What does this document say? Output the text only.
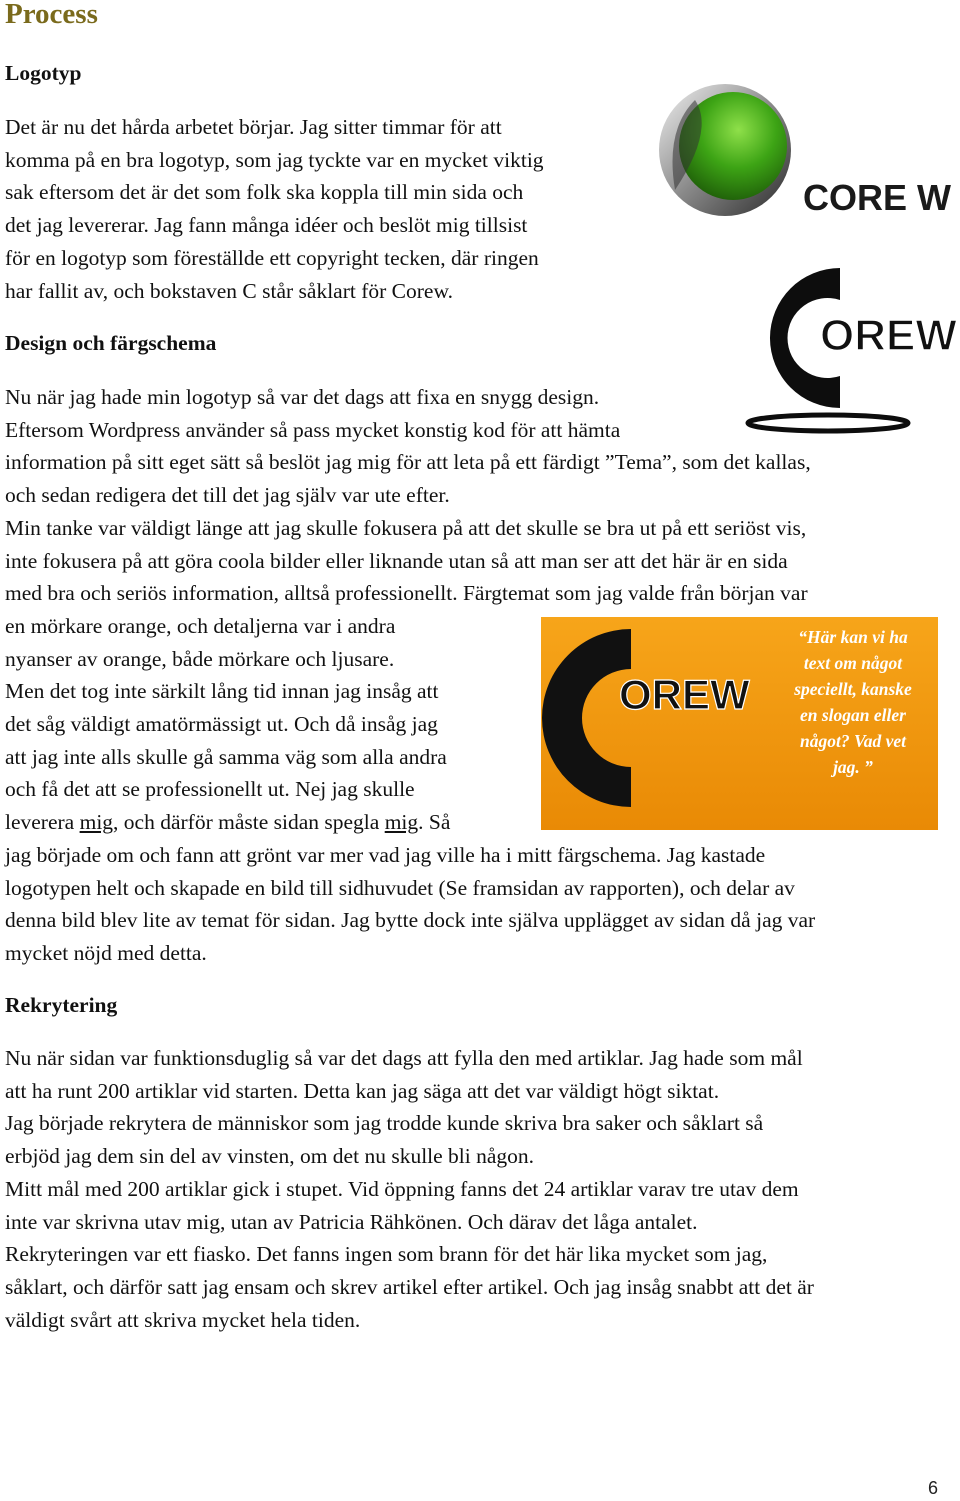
Process
Logotyp
Det är nu det hårda arbetet börjar. Jag sitter timmar för att
komma på en bra logotyp, som jag tyckte var en mycket viktig
sak eftersom det är det som folk ska koppla till min sida och
det jag levererar. Jag fann många idéer och beslöt mig tillsist
för en logotyp som föreställde ett copyright tecken, där ringen
har fallit av, och bokstaven C står såklart för Corew.
Design och färgschema
Nu när jag hade min logotyp så var det dags att fixa en snygg design.
Eftersom Wordpress använder så pass mycket konstig kod för att hämta
information på sitt eget sätt så beslöt jag mig för att leta på ett färdigt ”Tema”, som det kallas,
och sedan redigera det till det jag själv var ute efter.
Min tanke var väldigt länge att jag skulle fokusera på att det skulle se bra ut på ett seriöst vis,
inte fokusera på att göra coola bilder eller liknande utan så att man ser att det här är en sida
med bra och seriös information, alltså professionellt. Färgtemat som jag valde från början var
en mörkare orange, och detaljerna var i andra
nyanser av orange, både mörkare och ljusare.
Men det tog inte särkilt lång tid innan jag insåg att
det såg väldigt amatörmässigt ut. Och då insåg jag
att jag inte alls skulle gå samma väg som alla andra
och få det att se professionellt ut. Nej jag skulle
leverera mig, och därför måste sidan spegla mig. Så
jag började om och fann att grönt var mer vad jag ville ha i mitt färgschema. Jag kastade
logotypen helt och skapade en bild till sidhuvudet (Se framsidan av rapporten), och delar av
denna bild blev lite av temat för sidan. Jag bytte dock inte själva upplägget av sidan då jag var
mycket nöjd med detta.
Rekrytering
Nu när sidan var funktionsduglig så var det dags att fylla den med artiklar. Jag hade som mål
att ha runt 200 artiklar vid starten. Detta kan jag säga att det var väldigt högt siktat.
Jag började rekrytera de människor som jag trodde kunde skriva bra saker och såklart så
erbjöd jag dem sin del av vinsten, om det nu skulle bli någon.
Mitt mål med 200 artiklar gick i stupet. Vid öppning fanns det 24 artiklar varav tre utav dem
inte var skrivna utav mig, utan av Patricia Rähkönen. Och därav det låga antalet.
Rekryteringen var ett fiasko. Det fanns ingen som brann för det här lika mycket som jag,
såklart, och därför satt jag ensam och skrev artikel efter artikel. Och jag insåg snabbt att det är
väldigt svårt att skriva mycket hela tiden.
CORE W
OREW
OREW
“Här kan vi ha
text om något
speciellt, kanske
en slogan eller
något? Vad vet
jag. ”
6
